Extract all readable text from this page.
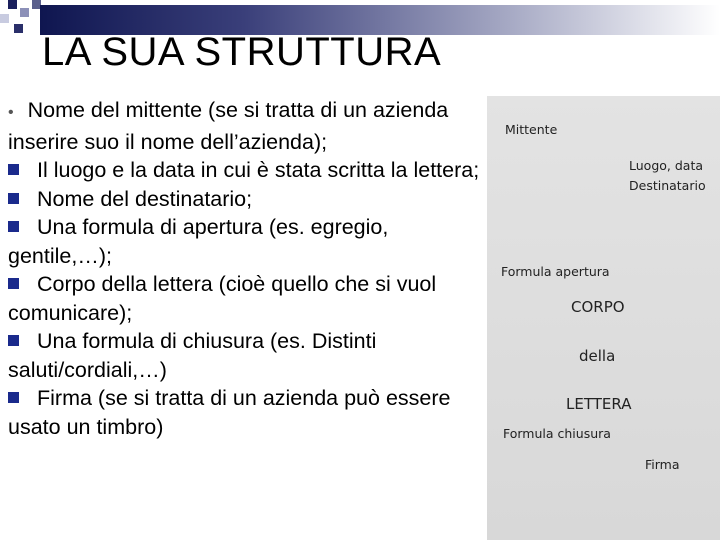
LA SUA STRUTTURA

• Nome del mittente (se si tratta di un azienda inserire suo il nome dell’azienda);

Il luogo e la data in cui è stata scritta la lettera;

Nome del destinatario;

Una formula di apertura (es. egregio, gentile,…);

Corpo della lettera (cioè quello che si vuol comunicare);

Una formula di chiusura (es. Distinti saluti/cordiali,…)

Firma (se si tratta di un azienda può essere usato un timbro)

Mittente
Luogo, data
Destinatario
Formula apertura
CORPO
della
LETTERA
Formula chiusura
Firma
